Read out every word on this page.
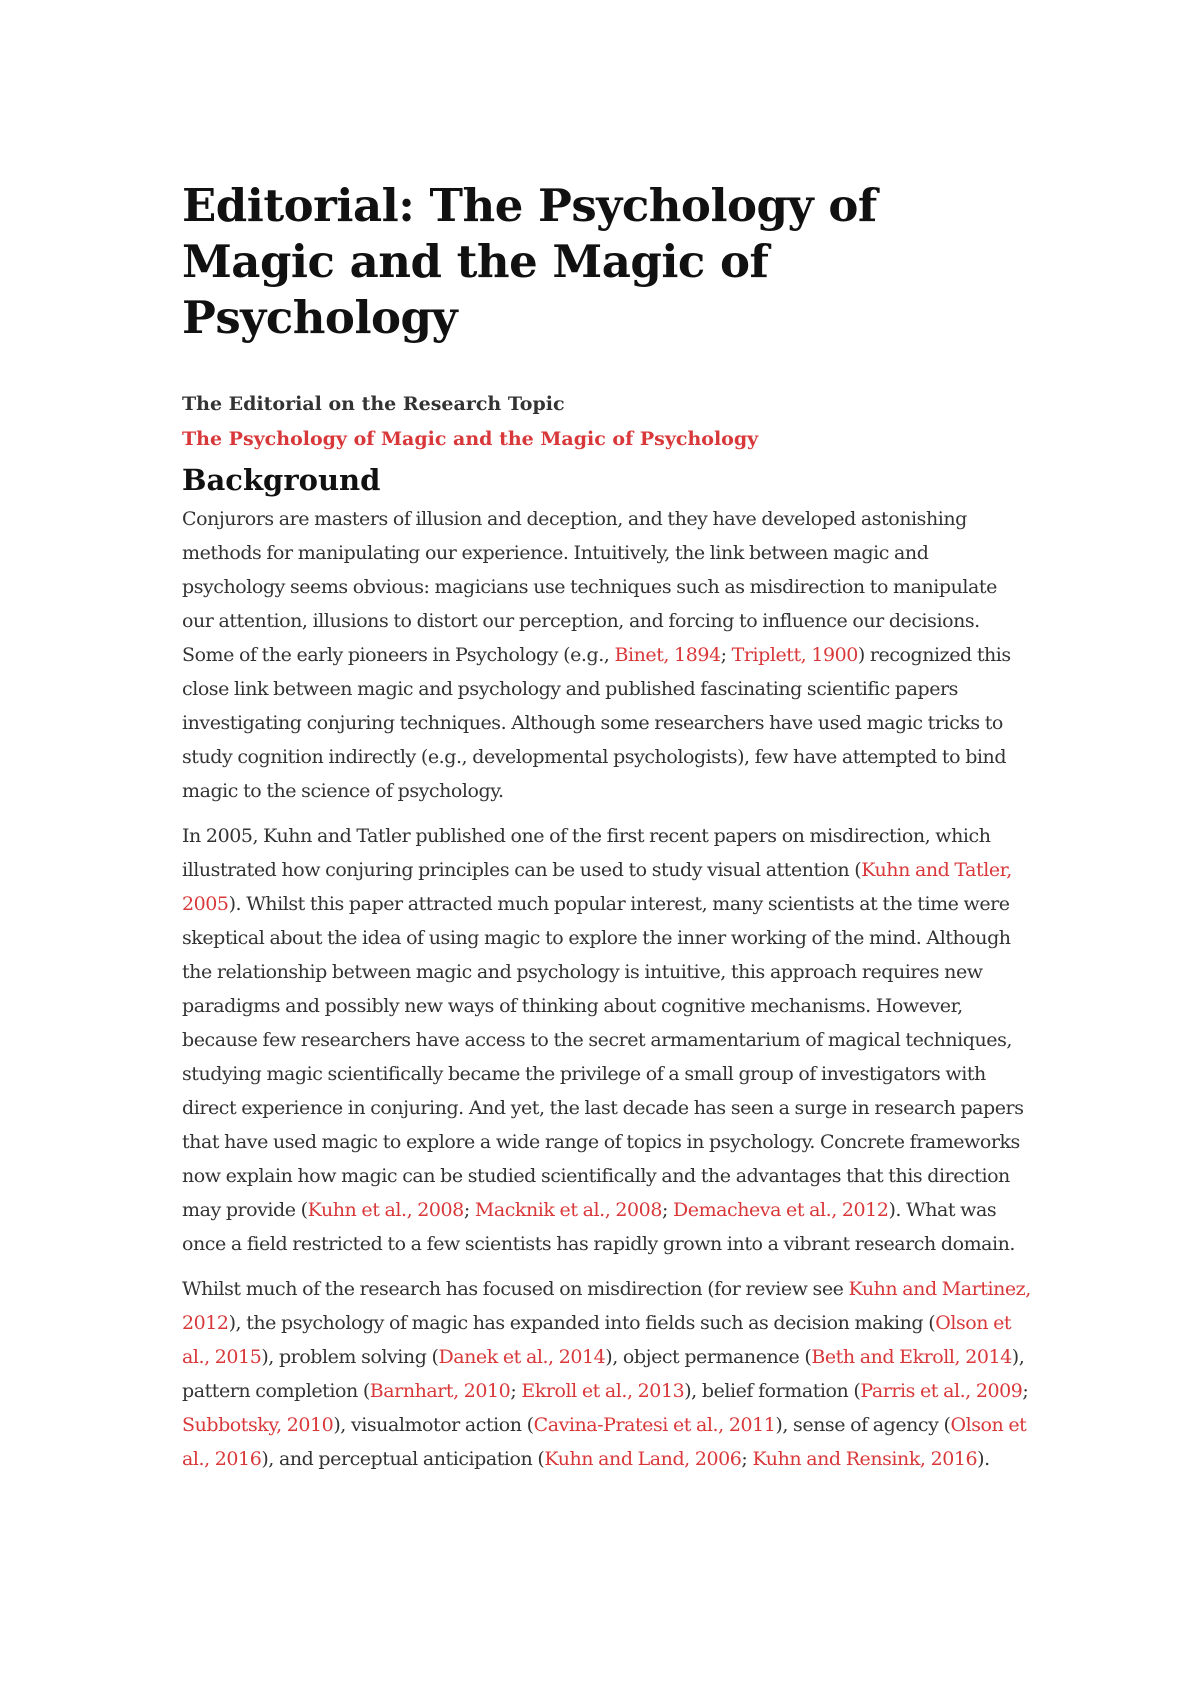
Editorial: The Psychology of Magic and the Magic of Psychology
The Editorial on the Research Topic
The Psychology of Magic and the Magic of Psychology
Background

Conjurors are masters of illusion and deception, and they have developed astonishing methods for manipulating our experience. Intuitively, the link between magic and psychology seems obvious: magicians use techniques such as misdirection to manipulate our attention, illusions to distort our perception, and forcing to influence our decisions. Some of the early pioneers in Psychology (e.g., Binet, 1894; Triplett, 1900) recognized this close link between magic and psychology and published fascinating scientific papers investigating conjuring techniques. Although some researchers have used magic tricks to study cognition indirectly (e.g., developmental psychologists), few have attempted to bind magic to the science of psychology.

In 2005, Kuhn and Tatler published one of the first recent papers on misdirection, which illustrated how conjuring principles can be used to study visual attention (Kuhn and Tatler, 2005). Whilst this paper attracted much popular interest, many scientists at the time were skeptical about the idea of using magic to explore the inner working of the mind. Although the relationship between magic and psychology is intuitive, this approach requires new paradigms and possibly new ways of thinking about cognitive mechanisms. However, because few researchers have access to the secret armamentarium of magical techniques, studying magic scientifically became the privilege of a small group of investigators with direct experience in conjuring. And yet, the last decade has seen a surge in research papers that have used magic to explore a wide range of topics in psychology. Concrete frameworks now explain how magic can be studied scientifically and the advantages that this direction may provide (Kuhn et al., 2008; Macknik et al., 2008; Demacheva et al., 2012). What was once a field restricted to a few scientists has rapidly grown into a vibrant research domain.

Whilst much of the research has focused on misdirection (for review see Kuhn and Martinez, 2012), the psychology of magic has expanded into fields such as decision making (Olson et al., 2015), problem solving (Danek et al., 2014), object permanence (Beth and Ekroll, 2014), pattern completion (Barnhart, 2010; Ekroll et al., 2013), belief formation (Parris et al., 2009; Subbotsky, 2010), visualmotor action (Cavina-Pratesi et al., 2011), sense of agency (Olson et al., 2016), and perceptual anticipation (Kuhn and Land, 2006; Kuhn and Rensink, 2016).
